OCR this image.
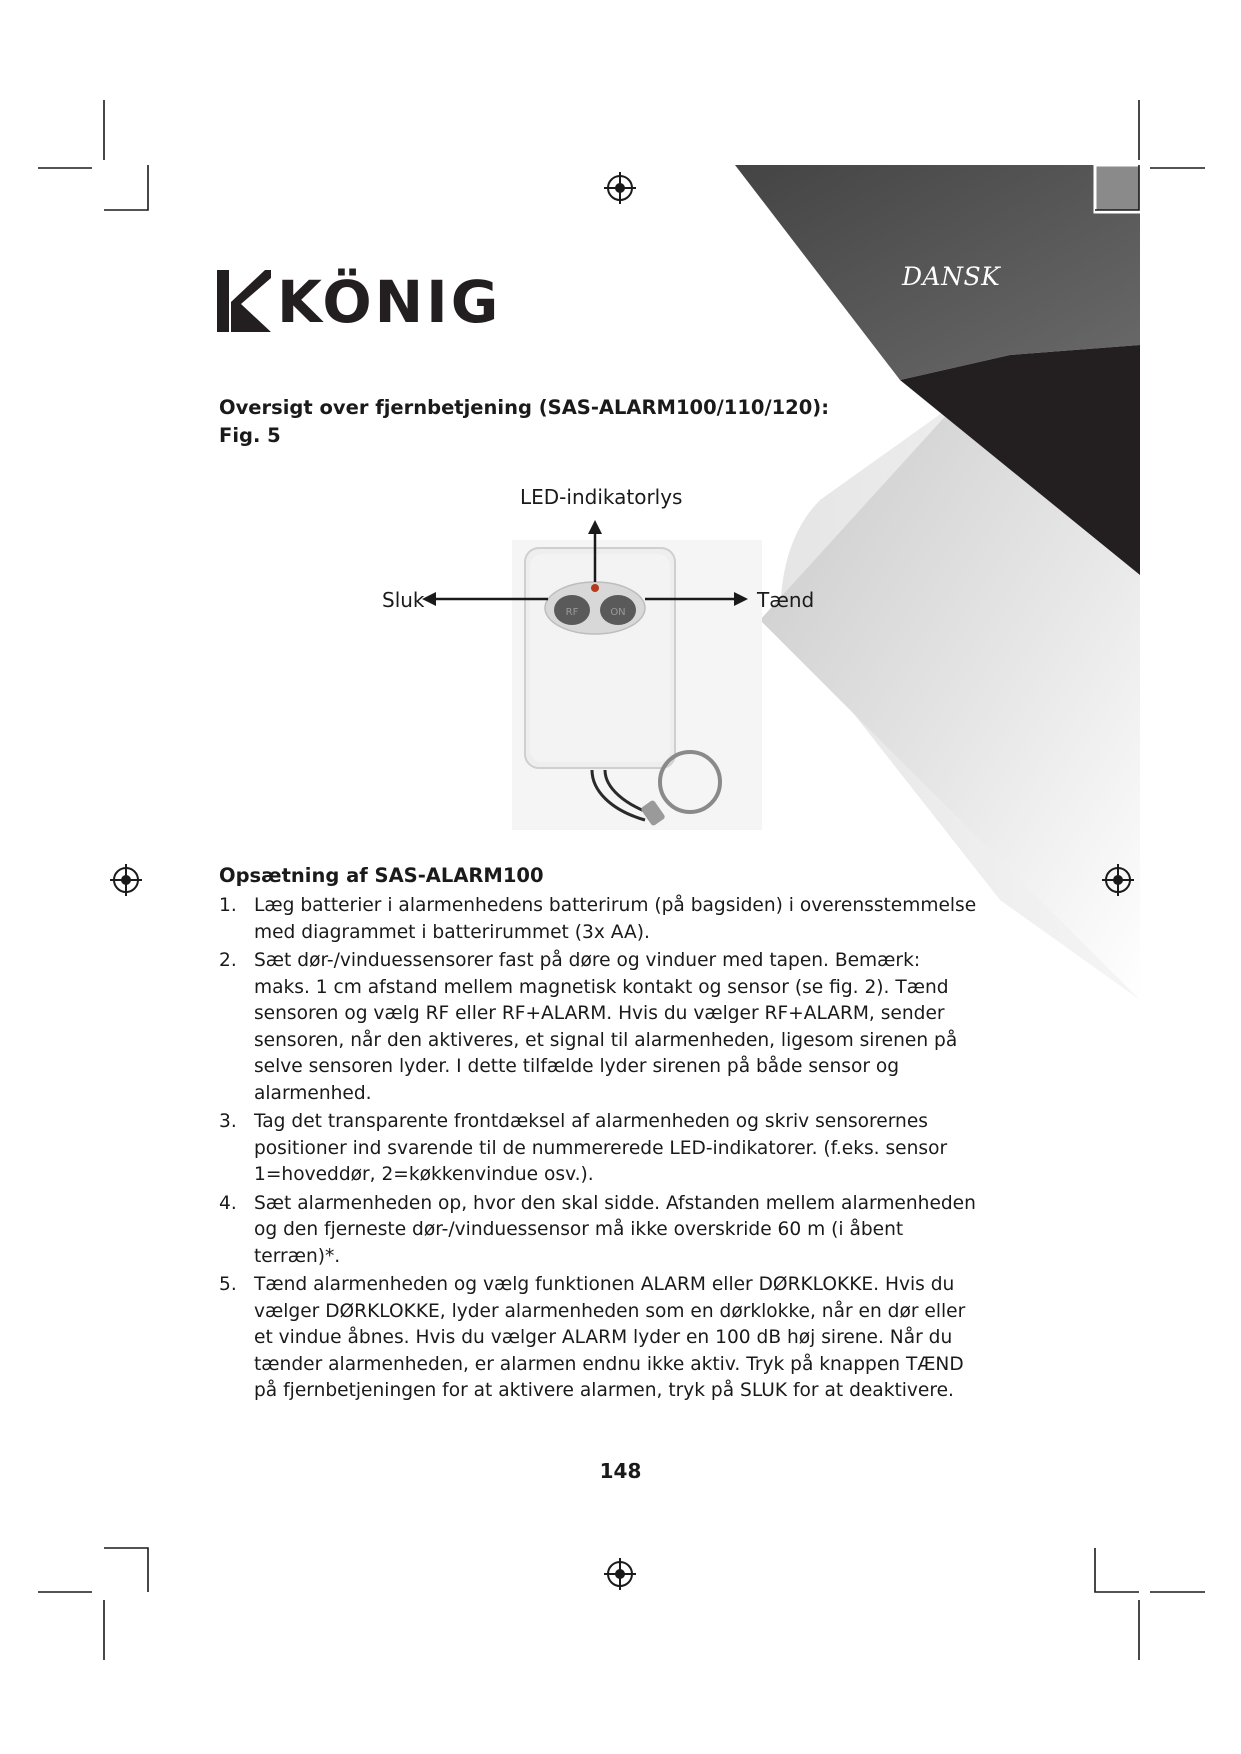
KÖNIG	DANSK
Oversigt over fjernbetjening (SAS-ALARM100/110/120):
Fig. 5
RF	ON
LED-indikatorlys
Sluk	Tænd
Opsætning af SAS-ALARM100
1. Læg batterier i alarmenhedens batterirum (på bagsiden) i overensstemmelse med diagrammet i batterirummet (3x AA).
2. Sæt dør-/vinduessensorer fast på døre og vinduer med tapen. Bemærk: maks. 1 cm afstand mellem magnetisk kontakt og sensor (se fig. 2). Tænd sensoren og vælg RF eller RF+ALARM. Hvis du vælger RF+ALARM, sender sensoren, når den aktiveres, et signal til alarmenheden, ligesom sirenen på selve sensoren lyder. I dette tilfælde lyder sirenen på både sensor og alarmenhed.
3. Tag det transparente frontdæksel af alarmenheden og skriv sensorernes positioner ind svarende til de nummererede LED-indikatorer. (f.eks. sensor 1=hoveddør, 2=køkkenvindue osv.).
4. Sæt alarmenheden op, hvor den skal sidde. Afstanden mellem alarmenheden og den fjerneste dør-/vinduessensor må ikke overskride 60 m (i åbent terræn)*.
5. Tænd alarmenheden og vælg funktionen ALARM eller DØRKLOKKE. Hvis du vælger DØRKLOKKE, lyder alarmenheden som en dørklokke, når en dør eller et vindue åbnes. Hvis du vælger ALARM lyder en 100 dB høj sirene. Når du tænder alarmenheden, er alarmen endnu ikke aktiv. Tryk på knappen TÆND på fjernbetjeningen for at aktivere alarmen, tryk på SLUK for at deaktivere.
148
